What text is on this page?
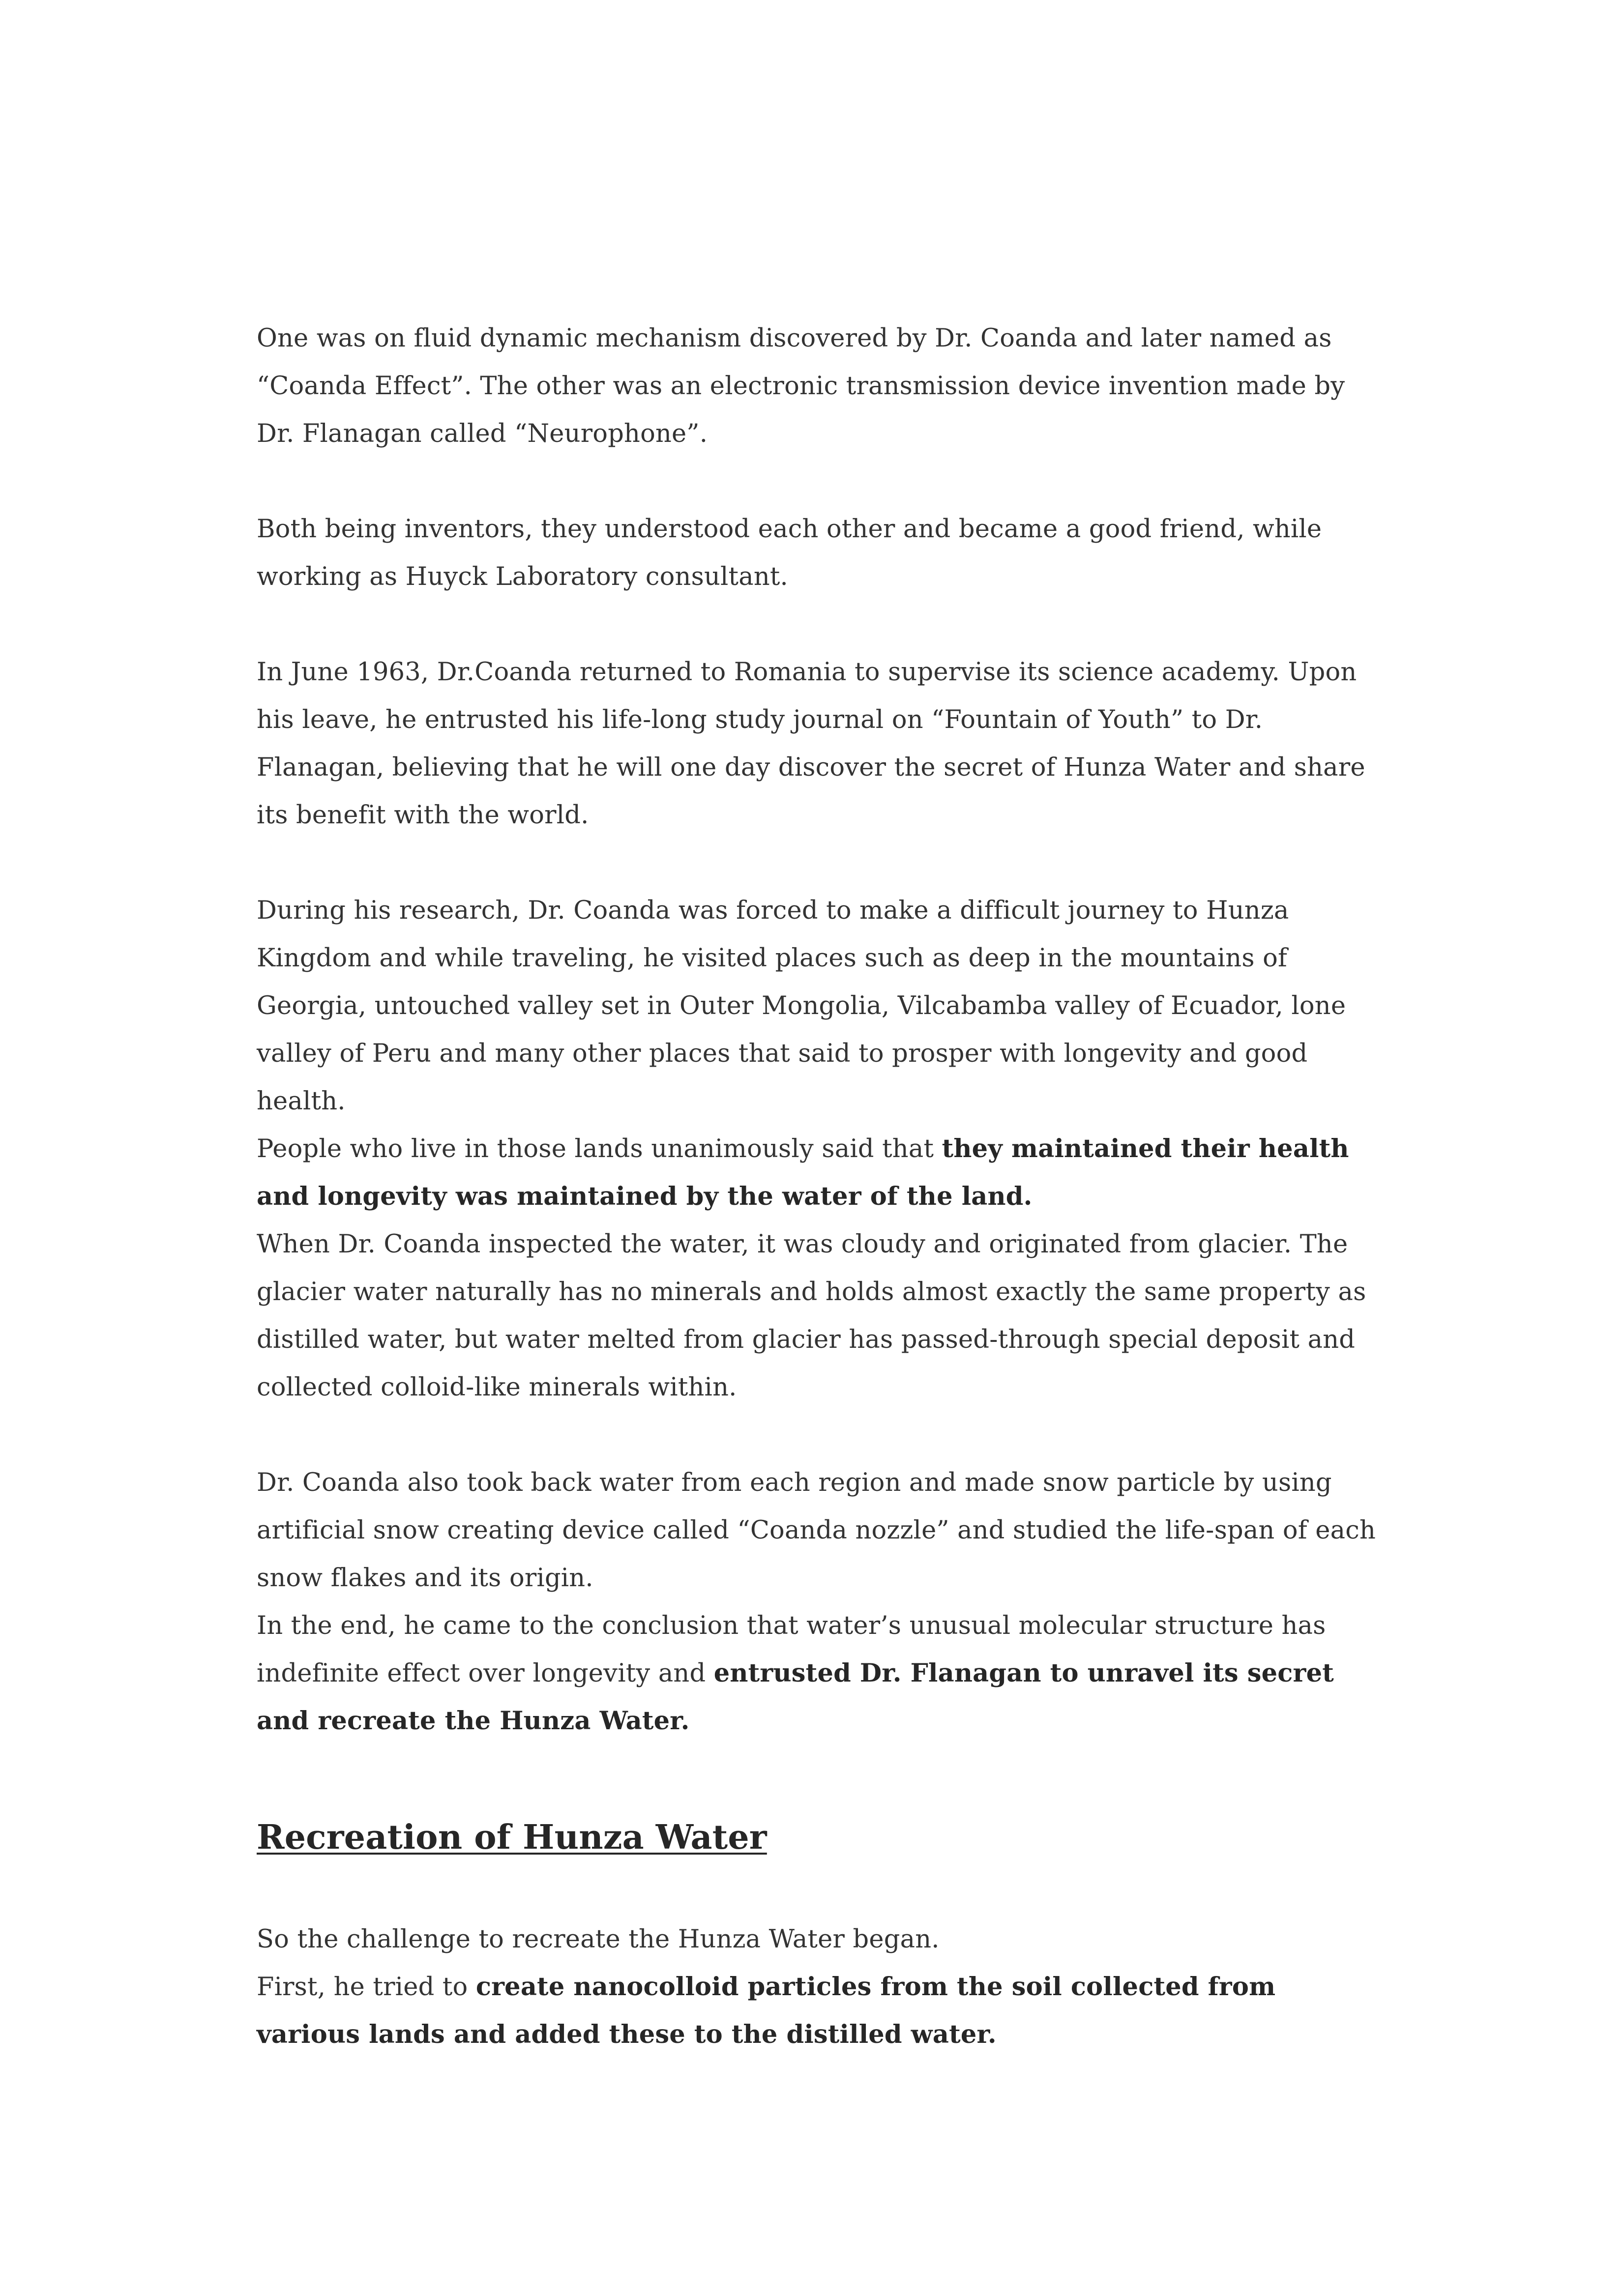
One was on fluid dynamic mechanism discovered by Dr. Coanda and later named as “Coanda Effect”. The other was an electronic transmission device invention made by Dr. Flanagan called “Neurophone”.

Both being inventors, they understood each other and became a good friend, while working as Huyck Laboratory consultant.

In June 1963, Dr.Coanda returned to Romania to supervise its science academy. Upon his leave, he entrusted his life-long study journal on “Fountain of Youth” to Dr. Flanagan, believing that he will one day discover the secret of Hunza Water and share its benefit with the world.

During his research, Dr. Coanda was forced to make a difficult journey to Hunza Kingdom and while traveling, he visited places such as deep in the mountains of Georgia, untouched valley set in Outer Mongolia, Vilcabamba valley of Ecuador, lone valley of Peru and many other places that said to prosper with longevity and good health.

People who live in those lands unanimously said that they maintained their health and longevity was maintained by the water of the land.

When Dr. Coanda inspected the water, it was cloudy and originated from glacier. The glacier water naturally has no minerals and holds almost exactly the same property as distilled water, but water melted from glacier has passed-through special deposit and collected colloid-like minerals within.

Dr. Coanda also took back water from each region and made snow particle by using artificial snow creating device called “Coanda nozzle” and studied the life-span of each snow flakes and its origin.

In the end, he came to the conclusion that water’s unusual molecular structure has indefinite effect over longevity and entrusted Dr. Flanagan to unravel its secret and recreate the Hunza Water.

Recreation of Hunza Water

So the challenge to recreate the Hunza Water began.

First, he tried to create nanocolloid particles from the soil collected from various lands and added these to the distilled water.
